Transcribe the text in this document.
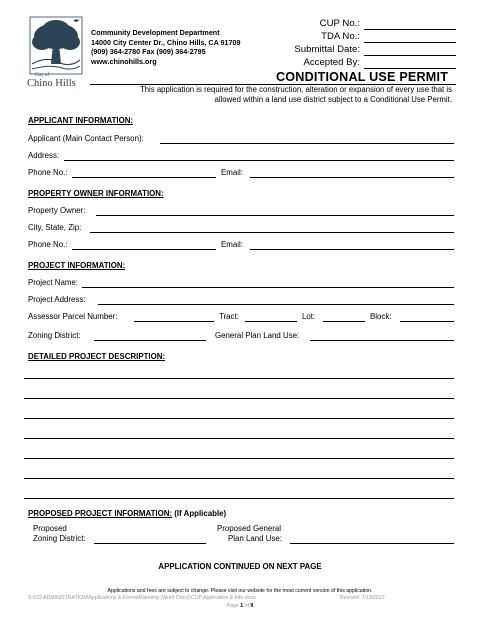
City of
Chino Hills
Community Development Department
14000 City Center Dr., Chino Hills, CA 91709
(909) 364-2780 Fax (909) 364-2795
www.chinohills.org
CUP No.:
TDA No.:
Submittal Date:
Accepted By:
CONDITIONAL USE PERMIT
This application is required for the construction, alteration or expansion of every use that is
allowed within a land use district subject to a Conditional Use Permit.
APPLICANT INFORMATION:
Applicant (Main Contact Person):
Address:
Phone No.:	Email:
PROPERTY OWNER INFORMATION:
Property Owner:
City, State, Zip:
Phone No.:	Email:
PROJECT INFORMATION:
Project Name:
Project Address:
Assessor Parcel Number:	Tract:	Lot:	Block:
Zoning District:	General Plan Land Use:
DETAILED PROJECT DESCRIPTION:
PROPOSED PROJECT INFORMATION: (If Applicable)
Proposed
Zoning District:
Proposed General
Plan Land Use:
APPLICATION CONTINUED ON NEXT PAGE
Applications and fees are subject to change. Please visit our website for the most current version of this application.
S:\CD ADMINISTRATION\Applications & Forms\Planning (Word Docs)\CUP Application & Info.docx	Revised: 7/19/2022
Page 1 of 9
